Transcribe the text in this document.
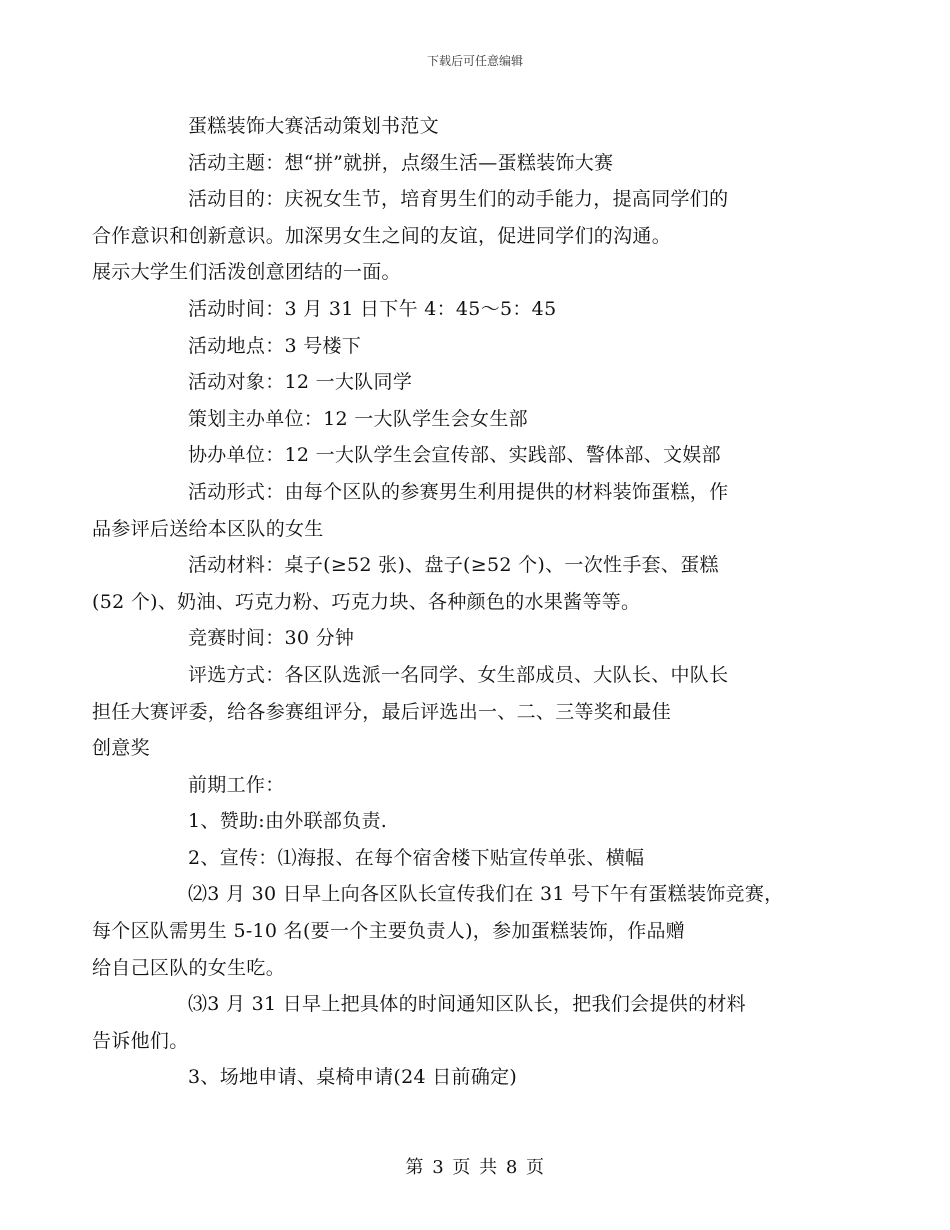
下载后可任意编辑

蛋糕装饰大赛活动策划书范文

活动主题：想“拼”就拼，点缀生活—蛋糕装饰大赛

活动目的：庆祝女生节，培育男生们的动手能力，提高同学们的
合作意识和创新意识。加深男女生之间的友谊，促进同学们的沟通。
展示大学生们活泼创意团结的一面。

活动时间：3 月 31 日下午 4：45～5：45

活动地点：3 号楼下

活动对象：12 一大队同学

策划主办单位：12 一大队学生会女生部

协办单位：12 一大队学生会宣传部、实践部、警体部、文娱部

活动形式：由每个区队的参赛男生利用提供的材料装饰蛋糕，作
品参评后送给本区队的女生

活动材料：桌子(≥52 张)、盘子(≥52 个)、一次性手套、蛋糕
(52 个)、奶油、巧克力粉、巧克力块、各种颜色的水果酱等等。

竞赛时间：30 分钟

评选方式：各区队选派一名同学、女生部成员、大队长、中队长
担任大赛评委，给各参赛组评分，最后评选出一、二、三等奖和最佳
创意奖

前期工作：

1、赞助:由外联部负责.

2、宣传：⑴海报、在每个宿舍楼下贴宣传单张、横幅

⑵3 月 30 日早上向各区队长宣传我们在 31 号下午有蛋糕装饰竞赛，
每个区队需男生 5-10 名(要一个主要负责人)，参加蛋糕装饰，作品赠
给自己区队的女生吃。

⑶3 月 31 日早上把具体的时间通知区队长，把我们会提供的材料
告诉他们。

3、场地申请、桌椅申请(24 日前确定)

第 3 页 共 8 页
